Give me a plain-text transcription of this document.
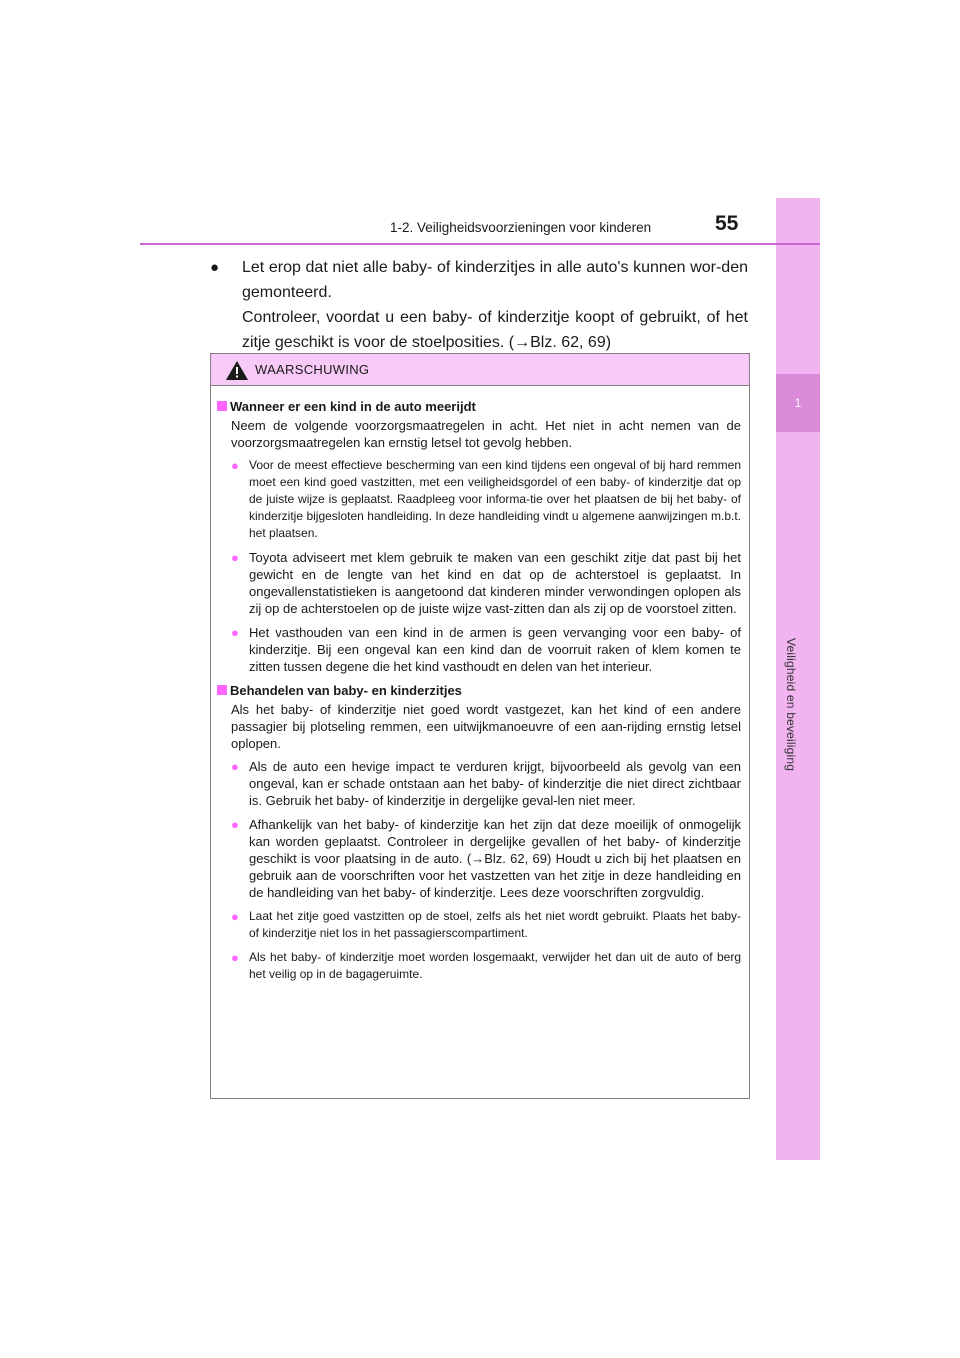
1
Veiligheid en beveiliging
1-2. Veiligheidsvoorzieningen voor kinderen	55
● Let erop dat niet alle baby- of kinderzitjes in alle auto's kunnen wor-den gemonteerd.

Controleer, voordat u een baby- of kinderzitje koopt of gebruikt, of het zitje geschikt is voor de stoelposities. (→Blz. 62, 69)

WAARSCHUWING
Wanneer er een kind in de auto meerijdt

Neem de volgende voorzorgsmaatregelen in acht. Het niet in acht nemen van de voorzorgsmaatregelen kan ernstig letsel tot gevolg hebben.

● Voor de meest effectieve bescherming van een kind tijdens een ongeval of bij hard remmen moet een kind goed vastzitten, met een veiligheidsgordel of een baby- of kinderzitje dat op de juiste wijze is geplaatst. Raadpleeg voor informa-tie over het plaatsen de bij het baby- of kinderzitje bijgesloten handleiding. In deze handleiding vindt u algemene aanwijzingen m.b.t. het plaatsen.
● Toyota adviseert met klem gebruik te maken van een geschikt zitje dat past bij het gewicht en de lengte van het kind en dat op de achterstoel is geplaatst. In ongevallenstatistieken is aangetoond dat kinderen minder verwondingen oplopen als zij op de achterstoelen op de juiste wijze vast-zitten dan als zij op de voorstoel zitten.
● Het vasthouden van een kind in de armen is geen vervanging voor een baby- of kinderzitje. Bij een ongeval kan een kind dan de voorruit raken of klem komen te zitten tussen degene die het kind vasthoudt en delen van het interieur.
Behandelen van baby- en kinderzitjes

Als het baby- of kinderzitje niet goed wordt vastgezet, kan het kind of een andere passagier bij plotseling remmen, een uitwijkmanoeuvre of een aan-rijding ernstig letsel oplopen.

● Als de auto een hevige impact te verduren krijgt, bijvoorbeeld als gevolg van een ongeval, kan er schade ontstaan aan het baby- of kinderzitje die niet direct zichtbaar is. Gebruik het baby- of kinderzitje in dergelijke geval-len niet meer.
● Afhankelijk van het baby- of kinderzitje kan het zijn dat deze moeilijk of onmogelijk kan worden geplaatst. Controleer in dergelijke gevallen of het baby- of kinderzitje geschikt is voor plaatsing in de auto. (→Blz. 62, 69) Houdt u zich bij het plaatsen en gebruik aan de voorschriften voor het vastzetten van het zitje in deze handleiding en de handleiding van het baby- of kinderzitje. Lees deze voorschriften zorgvuldig.
● Laat het zitje goed vastzitten op de stoel, zelfs als het niet wordt gebruikt. Plaats het baby- of kinderzitje niet los in het passagierscompartiment.
● Als het baby- of kinderzitje moet worden losgemaakt, verwijder het dan uit de auto of berg het veilig op in de bagageruimte.
